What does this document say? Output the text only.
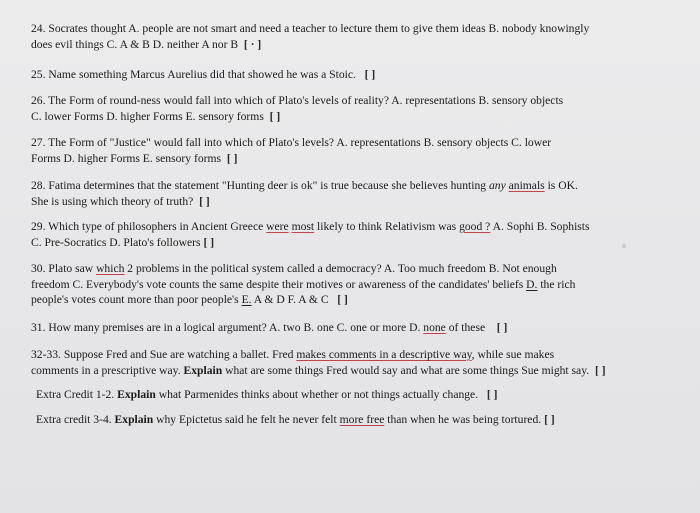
24. Socrates thought A. people are not smart and need a teacher to lecture them to give them ideas B. nobody knowingly
does evil things C. A & B D. neither A nor B [ · ]
25. Name something Marcus Aurelius did that showed he was a Stoic. [ ]
26. The Form of round-ness would fall into which of Plato's levels of reality? A. representations B. sensory objects
C. lower Forms D. higher Forms E. sensory forms [ ]
27. The Form of "Justice" would fall into which of Plato's levels? A. representations B. sensory objects C. lower
Forms D. higher Forms E. sensory forms [ ]
28. Fatima determines that the statement "Hunting deer is ok" is true because she believes hunting any animals is OK.
She is using which theory of truth? [ ]
29. Which type of philosophers in Ancient Greece were most likely to think Relativism was good ? A. Sophi B. Sophists
C. Pre-Socratics D. Plato's followers [ ]
30. Plato saw which 2 problems in the political system called a democracy? A. Too much freedom B. Not enough
freedom C. Everybody's vote counts the same despite their motives or awareness of the candidates' beliefs D. the rich
people's votes count more than poor people's E. A & D F. A & C [ ]
31. How many premises are in a logical argument? A. two B. one C. one or more D. none of these [ ]
32-33. Suppose Fred and Sue are watching a ballet. Fred makes comments in a descriptive way, while sue makes
comments in a prescriptive way. Explain what are some things Fred would say and what are some things Sue might say. [ ]
Extra Credit 1-2. Explain what Parmenides thinks about whether or not things actually change. [ ]
Extra credit 3-4. Explain why Epictetus said he felt he never felt more free than when he was being tortured. [ ]
